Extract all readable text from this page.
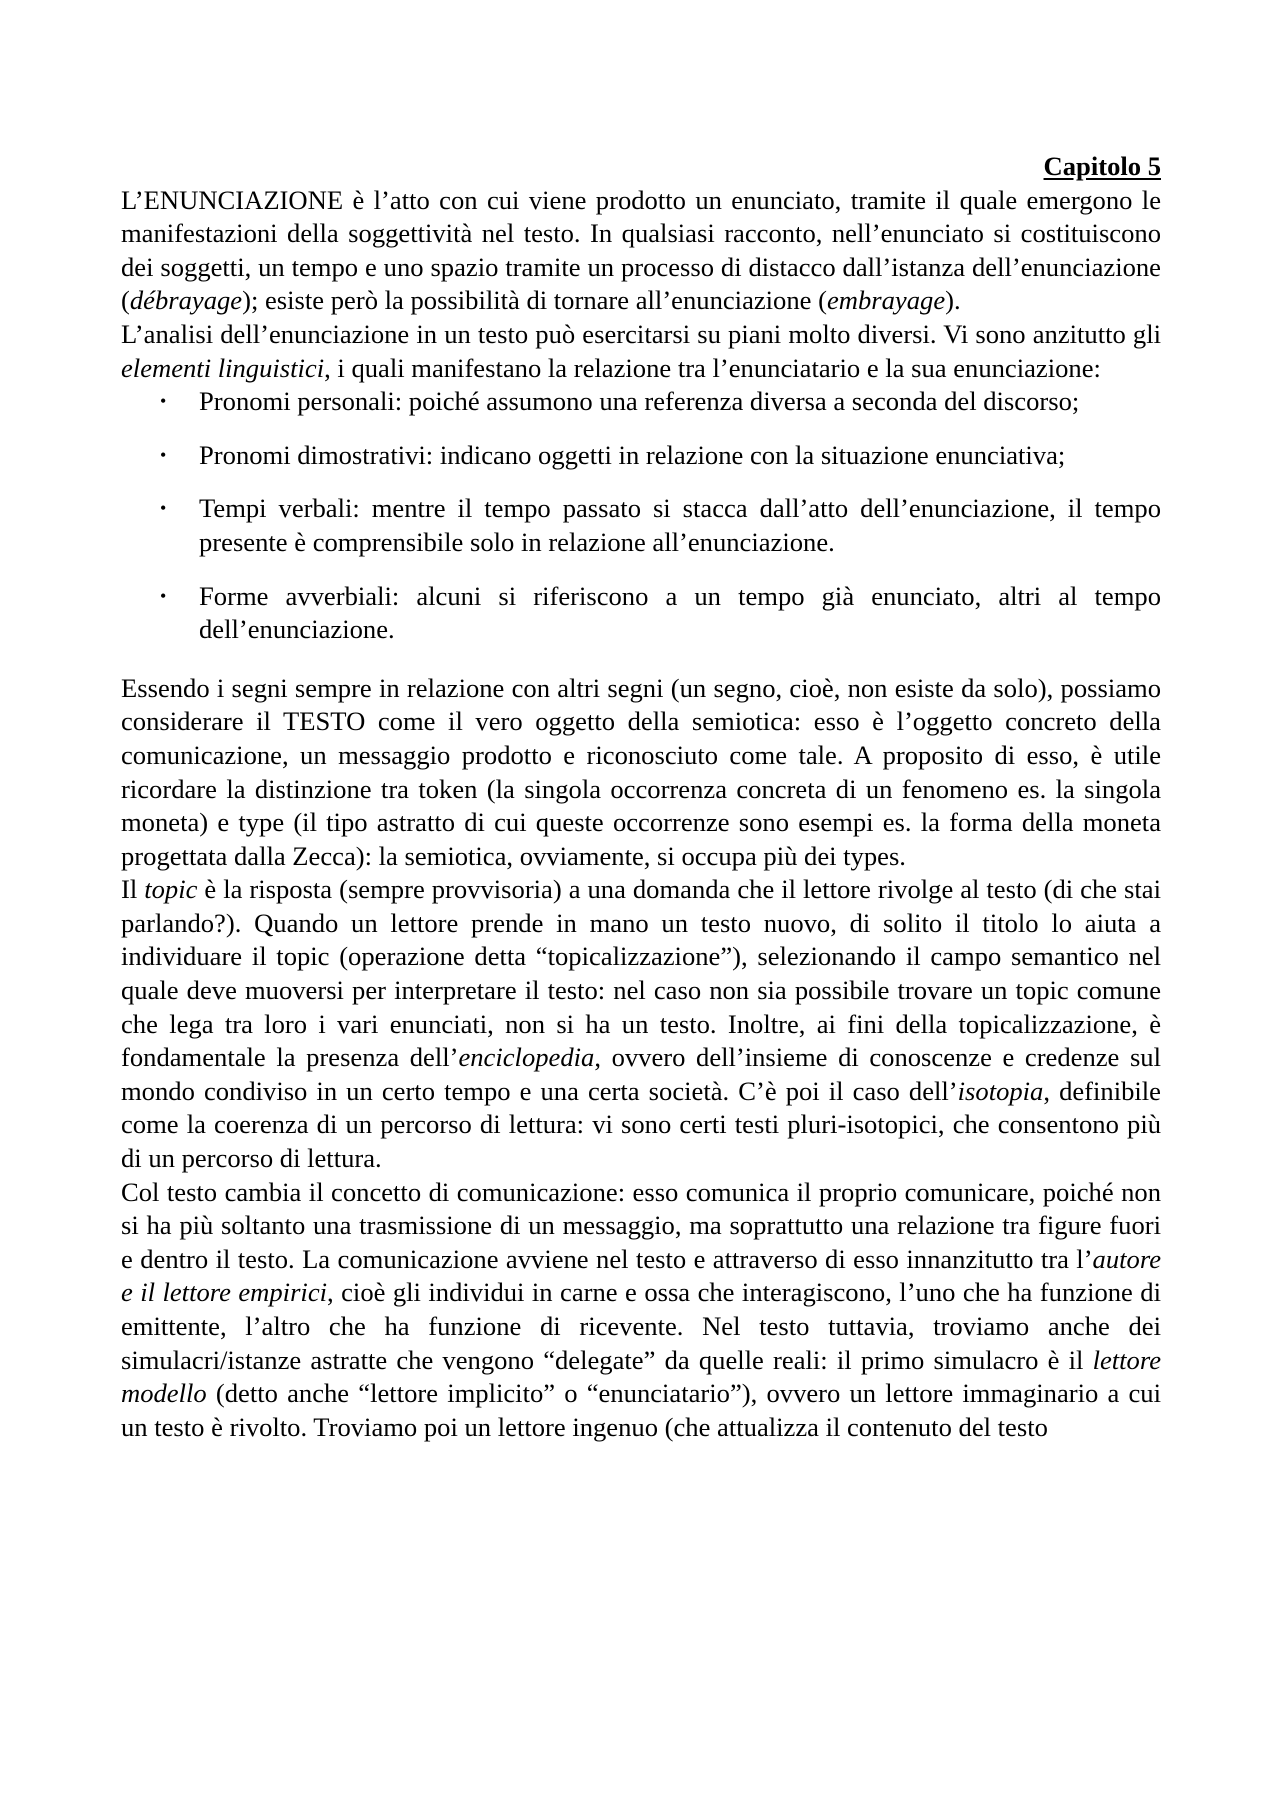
Capitolo 5

L’ENUNCIAZIONE è l’atto con cui viene prodotto un enunciato, tramite il quale emergono le manifestazioni della soggettività nel testo. In qualsiasi racconto, nell’enunciato si costituiscono dei soggetti, un tempo e uno spazio tramite un processo di distacco dall’istanza dell’enunciazione (débrayage); esiste però la possibilità di tornare all’enunciazione (embrayage).

L’analisi dell’enunciazione in un testo può esercitarsi su piani molto diversi. Vi sono anzitutto gli elementi linguistici, i quali manifestano la relazione tra l’enunciatario e la sua enunciazione:

• Pronomi personali: poiché assumono una referenza diversa a seconda del discorso;
• Pronomi dimostrativi: indicano oggetti in relazione con la situazione enunciativa;
• Tempi verbali: mentre il tempo passato si stacca dall’atto dell’enunciazione, il tempo presente è comprensibile solo in relazione all’enunciazione.
• Forme avverbiali: alcuni si riferiscono a un tempo già enunciato, altri al tempo dell’enunciazione.

Essendo i segni sempre in relazione con altri segni (un segno, cioè, non esiste da solo), possiamo considerare il TESTO come il vero oggetto della semiotica: esso è l’oggetto concreto della comunicazione, un messaggio prodotto e riconosciuto come tale. A proposito di esso, è utile ricordare la distinzione tra token (la singola occorrenza concreta di un fenomeno es. la singola moneta) e type (il tipo astratto di cui queste occorrenze sono esempi es. la forma della moneta progettata dalla Zecca): la semiotica, ovviamente, si occupa più dei types.

Il topic è la risposta (sempre provvisoria) a una domanda che il lettore rivolge al testo (di che stai parlando?). Quando un lettore prende in mano un testo nuovo, di solito il titolo lo aiuta a individuare il topic (operazione detta “topicalizzazione”), selezionando il campo semantico nel quale deve muoversi per interpretare il testo: nel caso non sia possibile trovare un topic comune che lega tra loro i vari enunciati, non si ha un testo. Inoltre, ai fini della topicalizzazione, è fondamentale la presenza dell’enciclopedia, ovvero dell’insieme di conoscenze e credenze sul mondo condiviso in un certo tempo e una certa società. C’è poi il caso dell’isotopia, definibile come la coerenza di un percorso di lettura: vi sono certi testi pluri-isotopici, che consentono più di un percorso di lettura.

Col testo cambia il concetto di comunicazione: esso comunica il proprio comunicare, poiché non si ha più soltanto una trasmissione di un messaggio, ma soprattutto una relazione tra figure fuori e dentro il testo. La comunicazione avviene nel testo e attraverso di esso innanzitutto tra l’autore e il lettore empirici, cioè gli individui in carne e ossa che interagiscono, l’uno che ha funzione di emittente, l’altro che ha funzione di ricevente. Nel testo tuttavia, troviamo anche dei simulacri/istanze astratte che vengono “delegate” da quelle reali: il primo simulacro è il lettore modello (detto anche “lettore implicito” o “enunciatario”), ovvero un lettore immaginario a cui un testo è rivolto. Troviamo poi un lettore ingenuo (che attualizza il contenuto del testo
